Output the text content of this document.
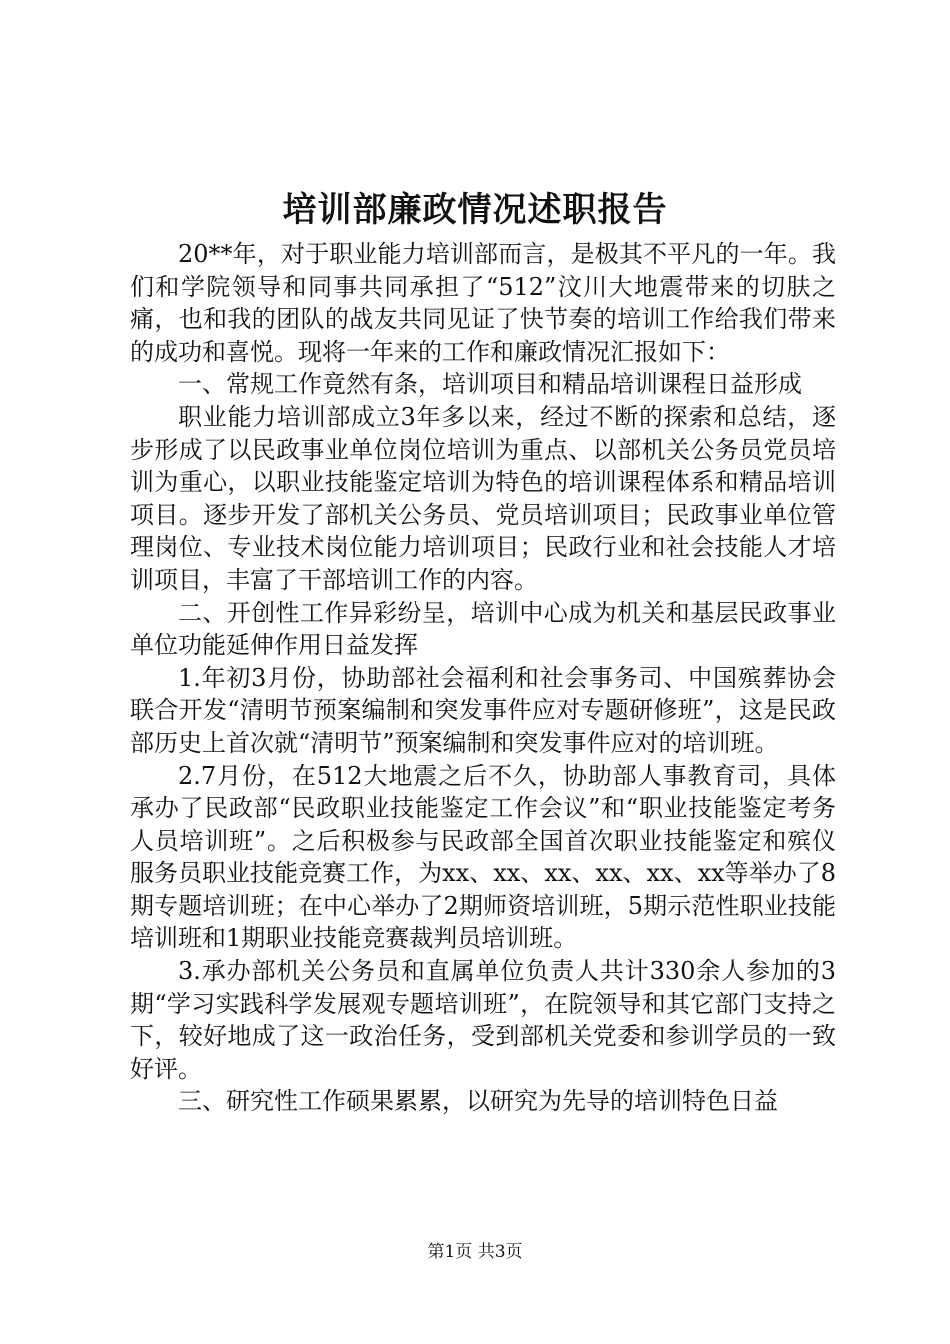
培训部廉政情况述职报告

20**年，对于职业能力培训部而言，是极其不平凡的一年。我们和学院领导和同事共同承担了“512”汶川大地震带来的切肤之痛，也和我的团队的战友共同见证了快节奏的培训工作给我们带来的成功和喜悦。现将一年来的工作和廉政情况汇报如下：

一、常规工作竟然有条，培训项目和精品培训课程日益形成

职业能力培训部成立3年多以来，经过不断的探索和总结，逐步形成了以民政事业单位岗位培训为重点、以部机关公务员党员培训为重心，以职业技能鉴定培训为特色的培训课程体系和精品培训项目。逐步开发了部机关公务员、党员培训项目；民政事业单位管理岗位、专业技术岗位能力培训项目；民政行业和社会技能人才培训项目，丰富了干部培训工作的内容。

二、开创性工作异彩纷呈，培训中心成为机关和基层民政事业单位功能延伸作用日益发挥

1.年初3月份，协助部社会福利和社会事务司、中国殡葬协会联合开发“清明节预案编制和突发事件应对专题研修班”，这是民政部历史上首次就“清明节”预案编制和突发事件应对的培训班。

2.7月份，在512大地震之后不久，协助部人事教育司，具体承办了民政部“民政职业技能鉴定工作会议”和“职业技能鉴定考务人员培训班”。之后积极参与民政部全国首次职业技能鉴定和殡仪服务员职业技能竞赛工作，为xx、xx、xx、xx、xx、xx等举办了8期专题培训班；在中心举办了2期师资培训班，5期示范性职业技能培训班和1期职业技能竞赛裁判员培训班。

3.承办部机关公务员和直属单位负责人共计330余人参加的3期“学习实践科学发展观专题培训班”，在院领导和其它部门支持之下，较好地成了这一政治任务，受到部机关党委和参训学员的一致好评。

三、研究性工作硕果累累，以研究为先导的培训特色日益

第1页 共3页
